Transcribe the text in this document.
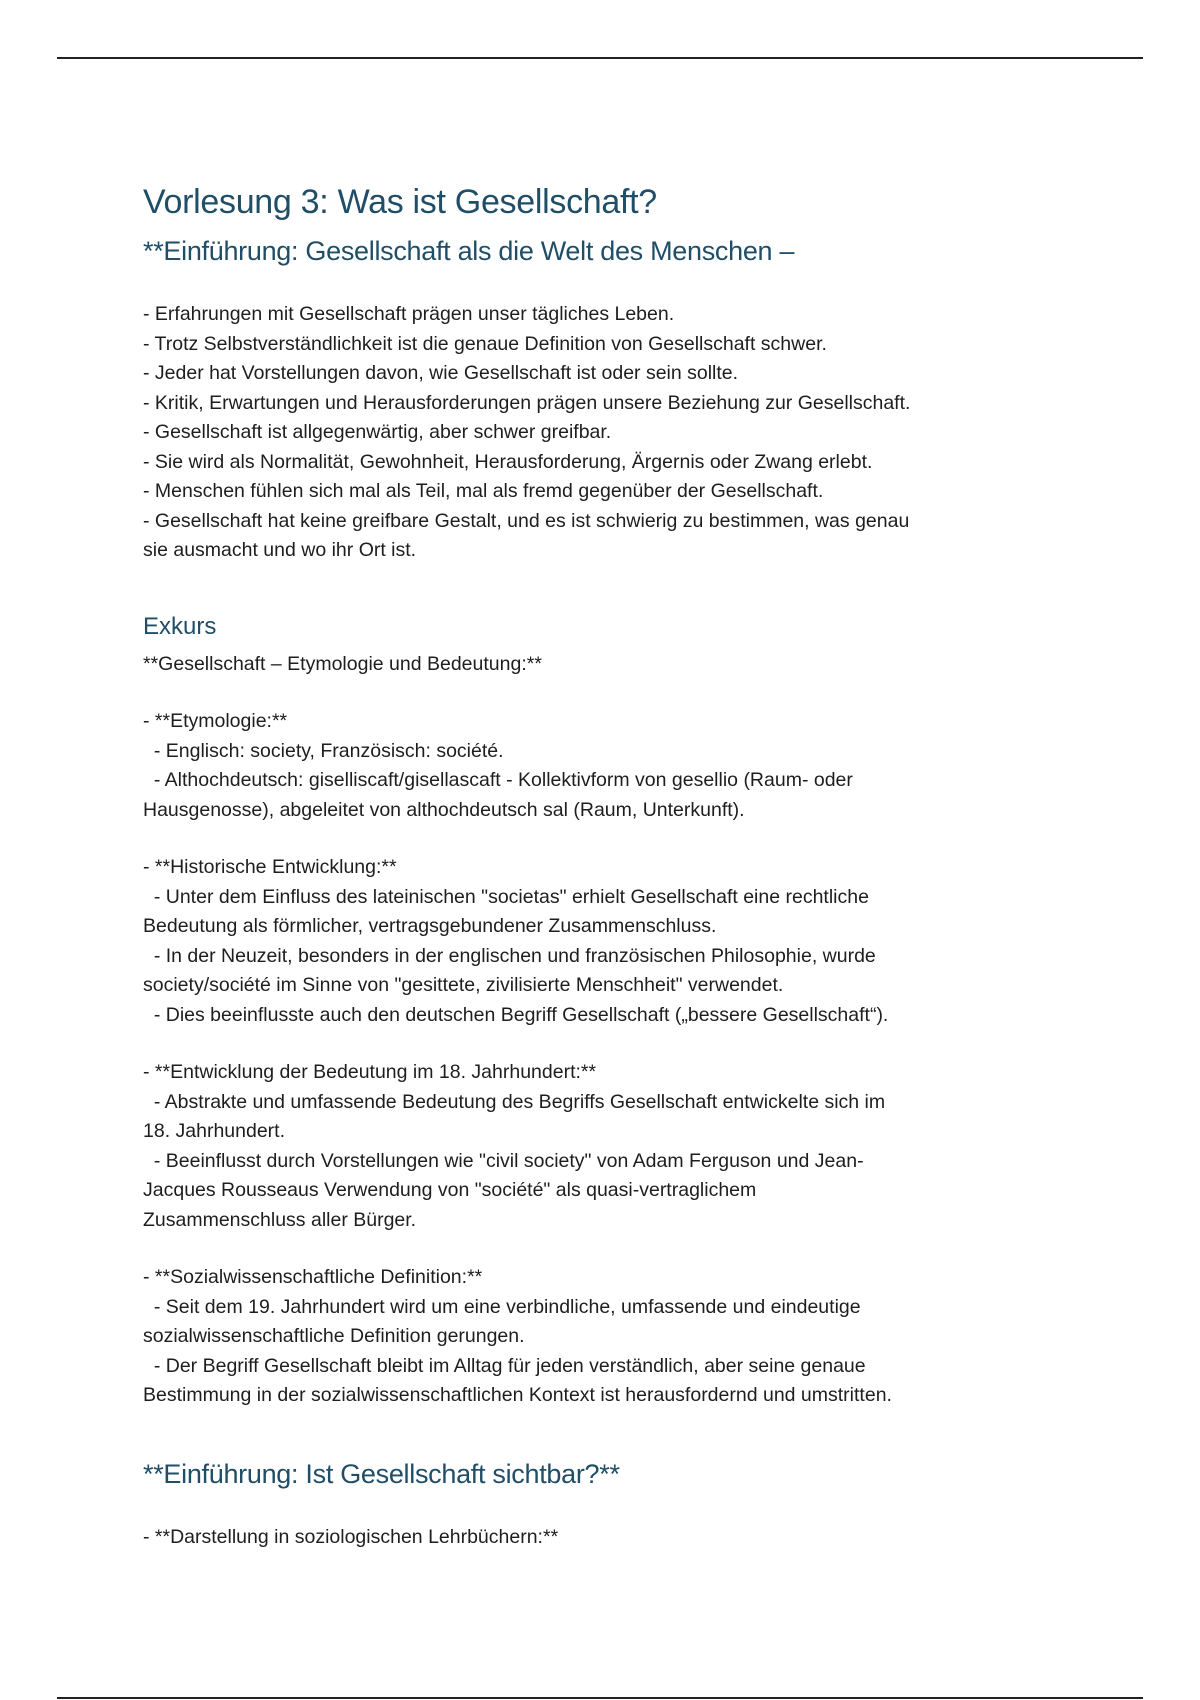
Vorlesung 3: Was ist Gesellschaft?
**Einführung: Gesellschaft als die Welt des Menschen –

- Erfahrungen mit Gesellschaft prägen unser tägliches Leben.

- Trotz Selbstverständlichkeit ist die genaue Definition von Gesellschaft schwer.

- Jeder hat Vorstellungen davon, wie Gesellschaft ist oder sein sollte.

- Kritik, Erwartungen und Herausforderungen prägen unsere Beziehung zur Gesellschaft.

- Gesellschaft ist allgegenwärtig, aber schwer greifbar.

- Sie wird als Normalität, Gewohnheit, Herausforderung, Ärgernis oder Zwang erlebt.

- Menschen fühlen sich mal als Teil, mal als fremd gegenüber der Gesellschaft.

- Gesellschaft hat keine greifbare Gestalt, und es ist schwierig zu bestimmen, was genau

sie ausmacht und wo ihr Ort ist.

Exkurs
**Gesellschaft – Etymologie und Bedeutung:**

- **Etymologie:**

- Englisch: society, Französisch: société.

- Althochdeutsch: giselliscaft/gisellascaft - Kollektivform von gesellio (Raum- oder

Hausgenosse), abgeleitet von althochdeutsch sal (Raum, Unterkunft).

- **Historische Entwicklung:**

- Unter dem Einfluss des lateinischen "societas" erhielt Gesellschaft eine rechtliche

Bedeutung als förmlicher, vertragsgebundener Zusammenschluss.

- In der Neuzeit, besonders in der englischen und französischen Philosophie, wurde

society/société im Sinne von "gesittete, zivilisierte Menschheit" verwendet.

- Dies beeinflusste auch den deutschen Begriff Gesellschaft („bessere Gesellschaft“).

- **Entwicklung der Bedeutung im 18. Jahrhundert:**

- Abstrakte und umfassende Bedeutung des Begriffs Gesellschaft entwickelte sich im

18. Jahrhundert.

- Beeinflusst durch Vorstellungen wie "civil society" von Adam Ferguson und Jean-

Jacques Rousseaus Verwendung von "société" als quasi-vertraglichem

Zusammenschluss aller Bürger.

- **Sozialwissenschaftliche Definition:**

- Seit dem 19. Jahrhundert wird um eine verbindliche, umfassende und eindeutige

sozialwissenschaftliche Definition gerungen.

- Der Begriff Gesellschaft bleibt im Alltag für jeden verständlich, aber seine genaue

Bestimmung in der sozialwissenschaftlichen Kontext ist herausfordernd und umstritten.

**Einführung: Ist Gesellschaft sichtbar?**

- **Darstellung in soziologischen Lehrbüchern:**
